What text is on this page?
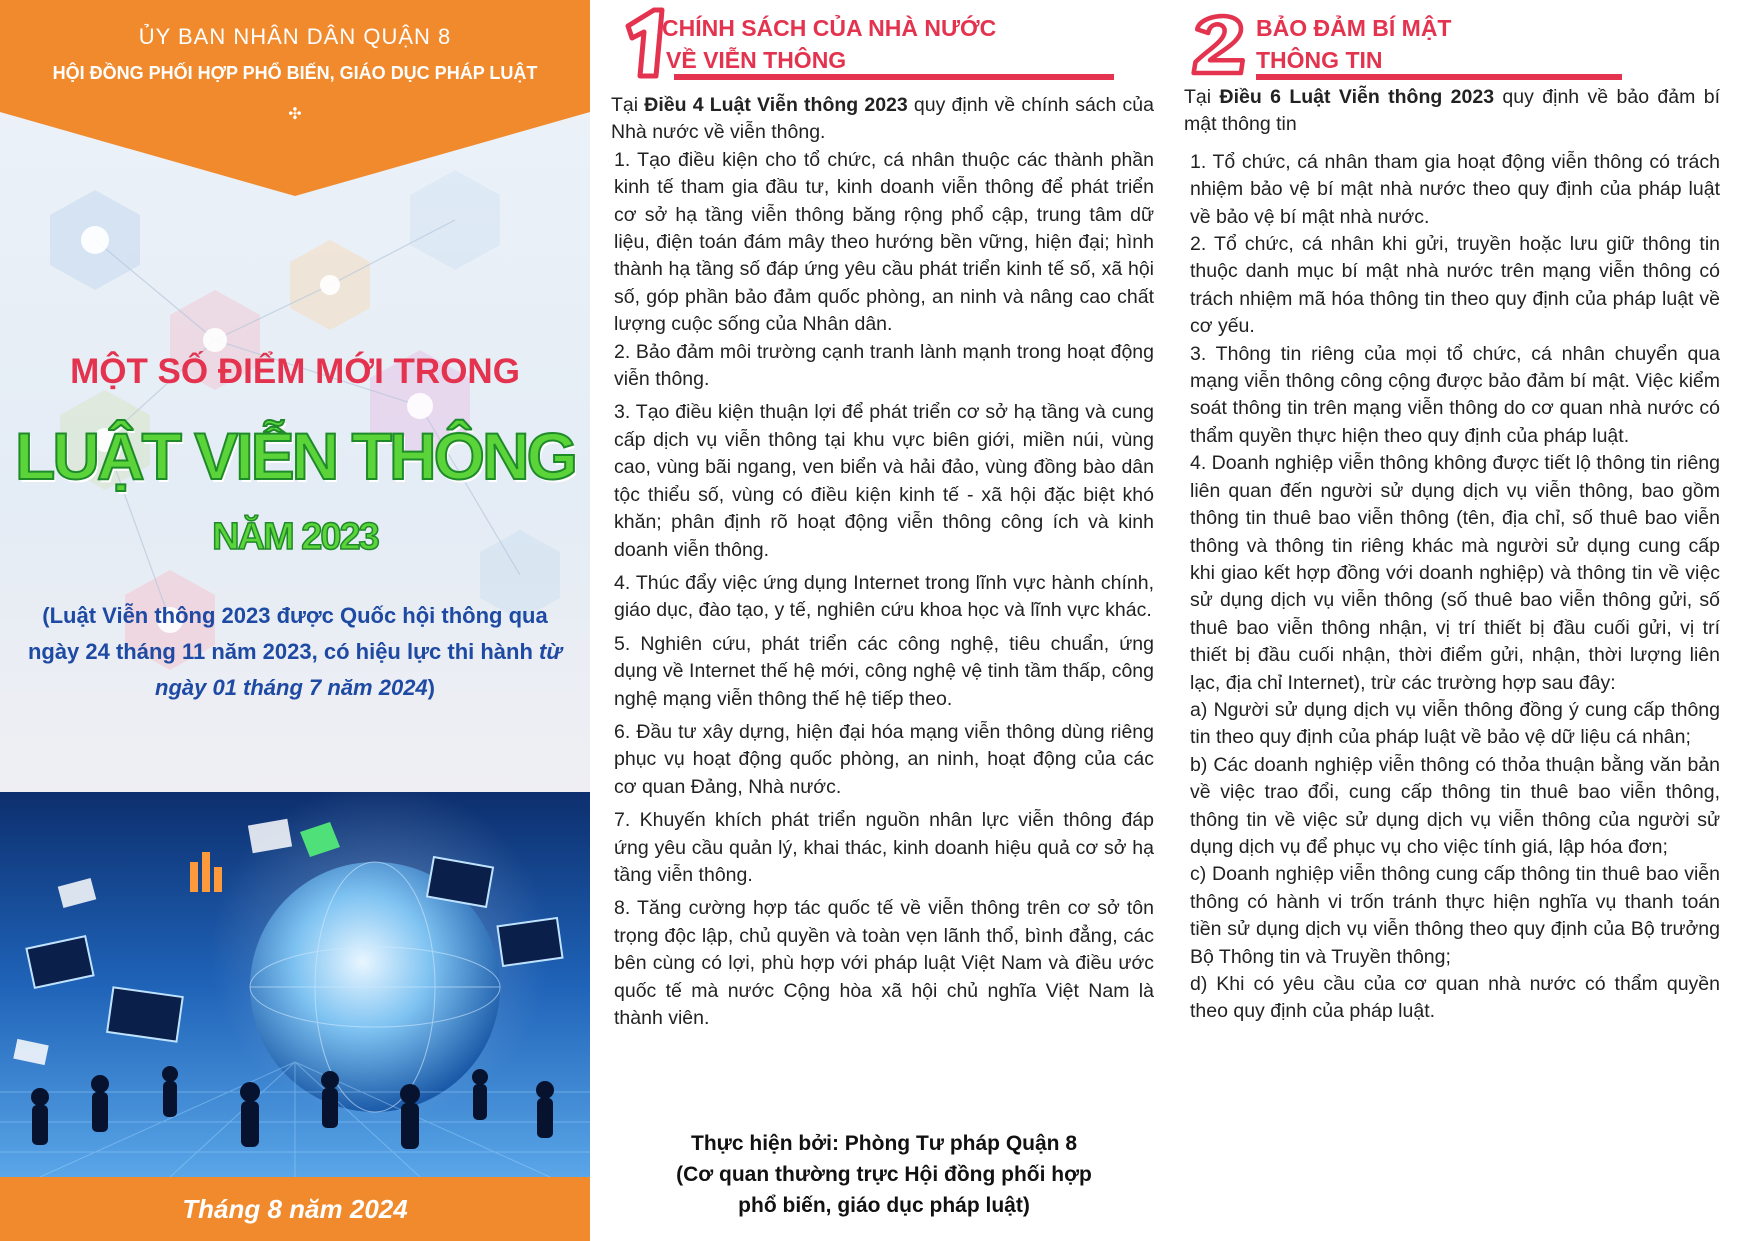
ỦY BAN NHÂN DÂN QUẬN 8
HỘI ĐỒNG PHỐI HỢP PHỔ BIẾN, GIÁO DỤC PHÁP LUẬT
✣
MỘT SỐ ĐIỂM MỚI TRONG
LUẬT VIỄN THÔNG
NĂM 2023
(Luật Viễn thông 2023 được Quốc hội thông qua ngày 24 tháng 11 năm 2023, có hiệu lực thi hành từ ngày 01 tháng 7 năm 2024)
Tháng 8 năm 2024
CHÍNH SÁCH CỦA NHÀ NƯỚC
VỀ VIỄN THÔNG

Tại Điều 4 Luật Viễn thông 2023 quy định về chính sách của Nhà nước về viễn thông.

1. Tạo điều kiện cho tổ chức, cá nhân thuộc các thành phần kinh tế tham gia đầu tư, kinh doanh viễn thông để phát triển cơ sở hạ tầng viễn thông băng rộng phổ cập, trung tâm dữ liệu, điện toán đám mây theo hướng bền vững, hiện đại; hình thành hạ tầng số đáp ứng yêu cầu phát triển kinh tế số, xã hội số, góp phần bảo đảm quốc phòng, an ninh và nâng cao chất lượng cuộc sống của Nhân dân.

2. Bảo đảm môi trường cạnh tranh lành mạnh trong hoạt động viễn thông.

3. Tạo điều kiện thuận lợi để phát triển cơ sở hạ tầng và cung cấp dịch vụ viễn thông tại khu vực biên giới, miền núi, vùng cao, vùng bãi ngang, ven biển và hải đảo, vùng đồng bào dân tộc thiểu số, vùng có điều kiện kinh tế - xã hội đặc biệt khó khăn; phân định rõ hoạt động viễn thông công ích và kinh doanh viễn thông.

4. Thúc đẩy việc ứng dụng Internet trong lĩnh vực hành chính, giáo dục, đào tạo, y tế, nghiên cứu khoa học và lĩnh vực khác.

5. Nghiên cứu, phát triển các công nghệ, tiêu chuẩn, ứng dụng về Internet thế hệ mới, công nghệ vệ tinh tầm thấp, công nghệ mạng viễn thông thế hệ tiếp theo.

6. Đầu tư xây dựng, hiện đại hóa mạng viễn thông dùng riêng phục vụ hoạt động quốc phòng, an ninh, hoạt động của các cơ quan Đảng, Nhà nước.

7. Khuyến khích phát triển nguồn nhân lực viễn thông đáp ứng yêu cầu quản lý, khai thác, kinh doanh hiệu quả cơ sở hạ tầng viễn thông.

8. Tăng cường hợp tác quốc tế về viễn thông trên cơ sở tôn trọng độc lập, chủ quyền và toàn vẹn lãnh thổ, bình đẳng, các bên cùng có lợi, phù hợp với pháp luật Việt Nam và điều ước quốc tế mà nước Cộng hòa xã hội chủ nghĩa Việt Nam là thành viên.

Thực hiện bởi: Phòng Tư pháp Quận 8
(Cơ quan thường trực Hội đồng phối hợp
phổ biến, giáo dục pháp luật)
BẢO ĐẢM BÍ MẬT
THÔNG TIN

Tại Điều 6 Luật Viễn thông 2023 quy định về bảo đảm bí mật thông tin

1. Tổ chức, cá nhân tham gia hoạt động viễn thông có trách nhiệm bảo vệ bí mật nhà nước theo quy định của pháp luật về bảo vệ bí mật nhà nước.

2. Tổ chức, cá nhân khi gửi, truyền hoặc lưu giữ thông tin thuộc danh mục bí mật nhà nước trên mạng viễn thông có trách nhiệm mã hóa thông tin theo quy định của pháp luật về cơ yếu.

3. Thông tin riêng của mọi tổ chức, cá nhân chuyển qua mạng viễn thông công cộng được bảo đảm bí mật. Việc kiểm soát thông tin trên mạng viễn thông do cơ quan nhà nước có thẩm quyền thực hiện theo quy định của pháp luật.

4. Doanh nghiệp viễn thông không được tiết lộ thông tin riêng liên quan đến người sử dụng dịch vụ viễn thông, bao gồm thông tin thuê bao viễn thông (tên, địa chỉ, số thuê bao viễn thông và thông tin riêng khác mà người sử dụng cung cấp khi giao kết hợp đồng với doanh nghiệp) và thông tin về việc sử dụng dịch vụ viễn thông (số thuê bao viễn thông gửi, số thuê bao viễn thông nhận, vị trí thiết bị đầu cuối gửi, vị trí thiết bị đầu cuối nhận, thời điểm gửi, nhận, thời lượng liên lạc, địa chỉ Internet), trừ các trường hợp sau đây:

a) Người sử dụng dịch vụ viễn thông đồng ý cung cấp thông tin theo quy định của pháp luật về bảo vệ dữ liệu cá nhân;

b) Các doanh nghiệp viễn thông có thỏa thuận bằng văn bản về việc trao đổi, cung cấp thông tin thuê bao viễn thông, thông tin về việc sử dụng dịch vụ viễn thông của người sử dụng dịch vụ để phục vụ cho việc tính giá, lập hóa đơn;

c) Doanh nghiệp viễn thông cung cấp thông tin thuê bao viễn thông có hành vi trốn tránh thực hiện nghĩa vụ thanh toán tiền sử dụng dịch vụ viễn thông theo quy định của Bộ trưởng Bộ Thông tin và Truyền thông;

d) Khi có yêu cầu của cơ quan nhà nước có thẩm quyền theo quy định của pháp luật.
